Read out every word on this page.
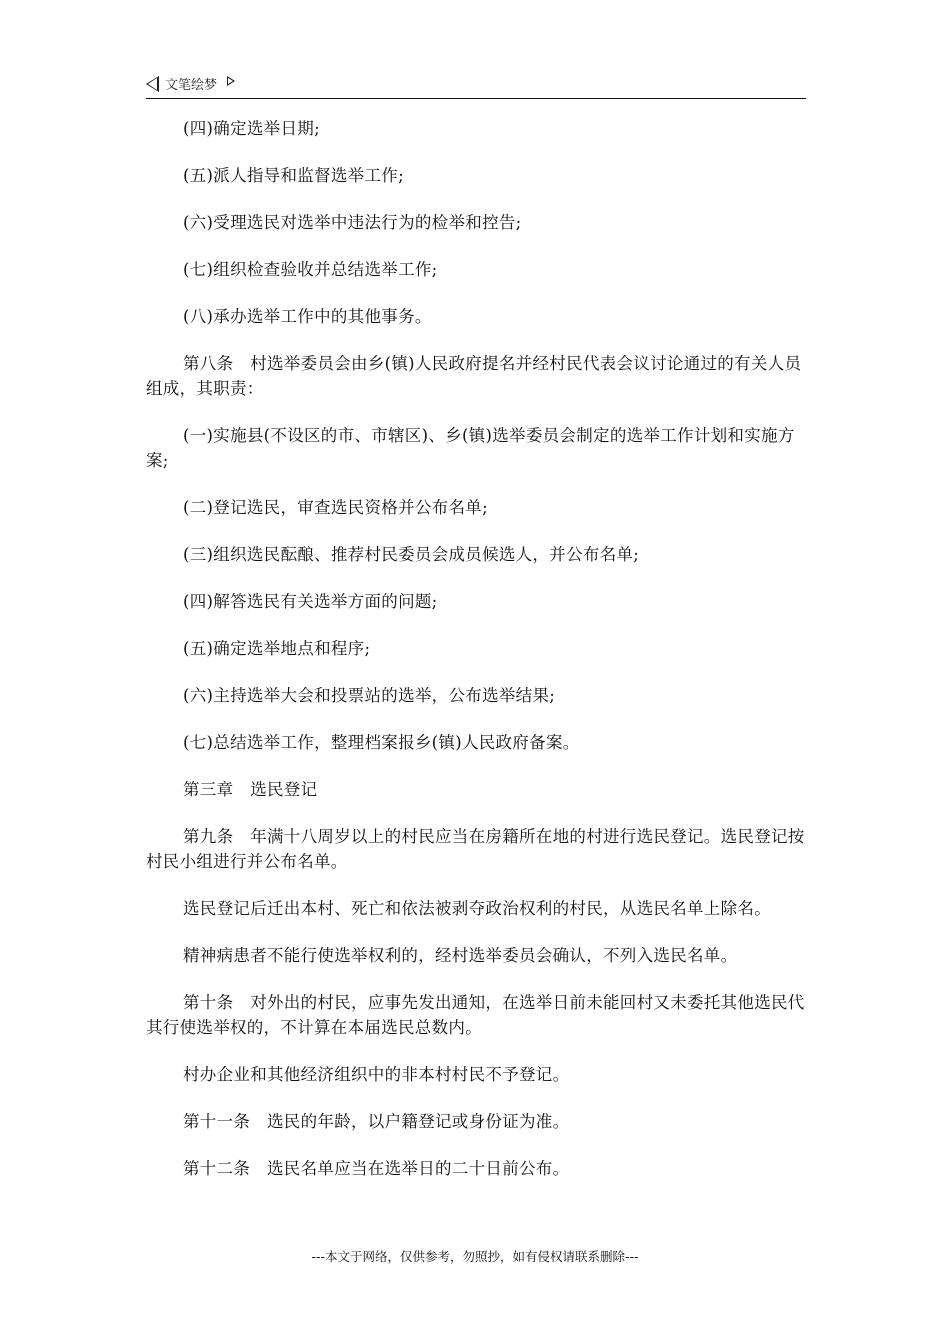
文笔绘梦

(四)确定选举日期;

(五)派人指导和监督选举工作;

(六)受理选民对选举中违法行为的检举和控告;

(七)组织检查验收并总结选举工作;

(八)承办选举工作中的其他事务。

第八条　村选举委员会由乡(镇)人民政府提名并经村民代表会议讨论通过的有关人员组成，其职责：

(一)实施县(不设区的市、市辖区)、乡(镇)选举委员会制定的选举工作计划和实施方案;

(二)登记选民，审查选民资格并公布名单;

(三)组织选民酝酿、推荐村民委员会成员候选人，并公布名单;

(四)解答选民有关选举方面的问题;

(五)确定选举地点和程序;

(六)主持选举大会和投票站的选举，公布选举结果;

(七)总结选举工作，整理档案报乡(镇)人民政府备案。

第三章　选民登记

第九条　年满十八周岁以上的村民应当在房籍所在地的村进行选民登记。选民登记按村民小组进行并公布名单。

选民登记后迁出本村、死亡和依法被剥夺政治权利的村民，从选民名单上除名。

精神病患者不能行使选举权利的，经村选举委员会确认，不列入选民名单。

第十条　对外出的村民，应事先发出通知，在选举日前未能回村又未委托其他选民代其行使选举权的，不计算在本届选民总数内。

村办企业和其他经济组织中的非本村村民不予登记。

第十一条　选民的年龄，以户籍登记或身份证为准。

第十二条　选民名单应当在选举日的二十日前公布。

---本文于网络，仅供参考，勿照抄，如有侵权请联系删除---
